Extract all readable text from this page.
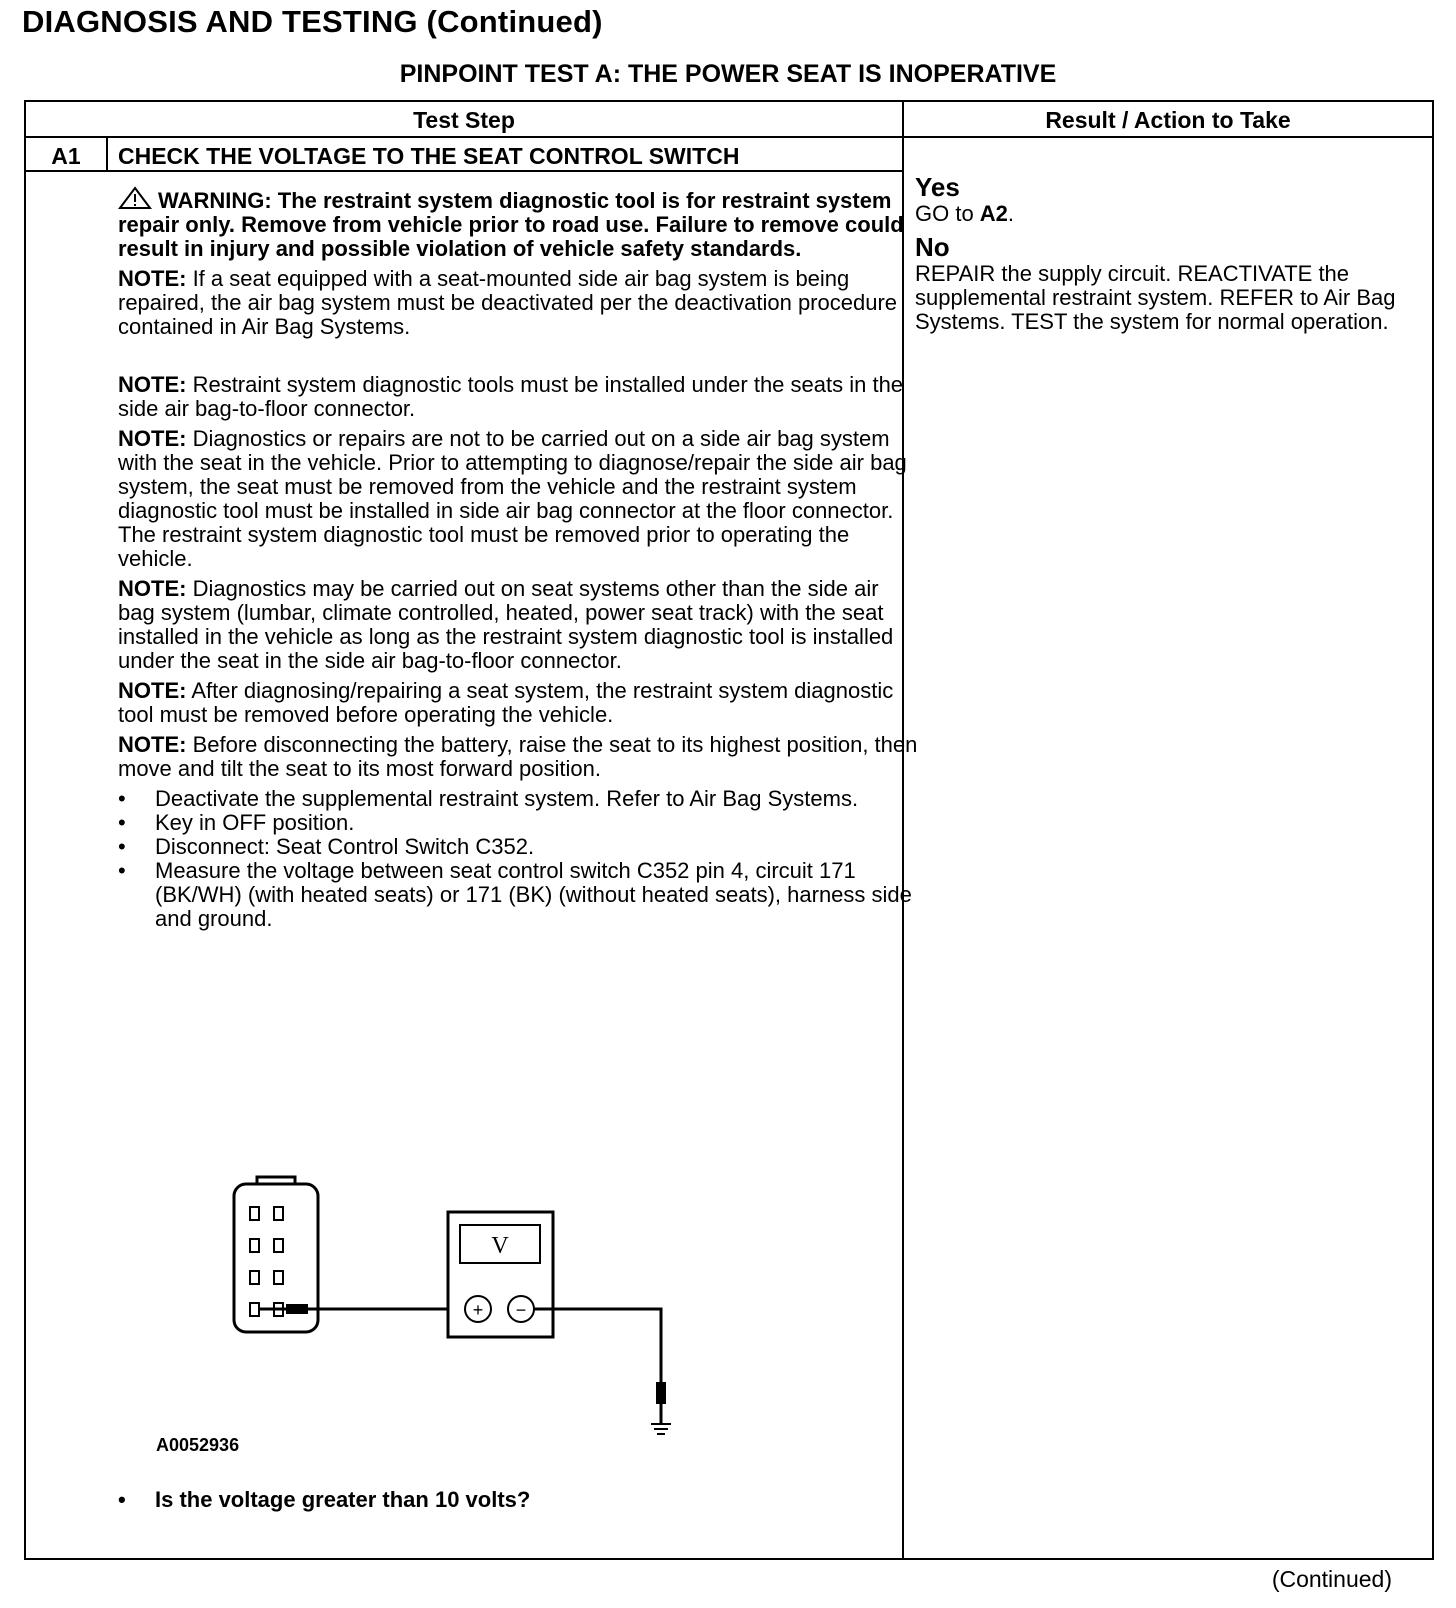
DIAGNOSIS AND TESTING (Continued)
PINPOINT TEST A: THE POWER SEAT IS INOPERATIVE
Test Step	Result / Action to Take
A1	CHECK THE VOLTAGE TO THE SEAT CONTROL SWITCH

WARNING: The restraint system diagnostic tool is for restraint system repair only. Remove from vehicle prior to road use. Failure to remove could result in injury and possible violation of vehicle safety standards.

NOTE: If a seat equipped with a seat-mounted side air bag system is being repaired, the air bag system must be deactivated per the deactivation procedure contained in Air Bag Systems.

NOTE: Restraint system diagnostic tools must be installed under the seats in the side air bag-to-floor connector.

NOTE: Diagnostics or repairs are not to be carried out on a side air bag system with the seat in the vehicle. Prior to attempting to diagnose/repair the side air bag system, the seat must be removed from the vehicle and the restraint system diagnostic tool must be installed in side air bag connector at the floor connector. The restraint system diagnostic tool must be removed prior to operating the vehicle.

NOTE: Diagnostics may be carried out on seat systems other than the side air bag system (lumbar, climate controlled, heated, power seat track) with the seat installed in the vehicle as long as the restraint system diagnostic tool is installed under the seat in the side air bag-to-floor connector.

NOTE: After diagnosing/repairing a seat system, the restraint system diagnostic tool must be removed before operating the vehicle.

NOTE: Before disconnecting the battery, raise the seat to its highest position, then move and tilt the seat to its most forward position.

• Deactivate the supplemental restraint system. Refer to Air Bag Systems.
• Key in OFF position.
• Disconnect: Seat Control Switch C352.
• Measure the voltage between seat control switch C352 pin 4, circuit 171 (BK/WH) (with heated seats) or 171 (BK) (without heated seats), harness side and ground.
V
+ −
A0052936
• Is the voltage greater than 10 volts?
Yes

GO to A2.

No

REPAIR the supply circuit. REACTIVATE the supplemental restraint system. REFER to Air Bag Systems. TEST the system for normal operation.

(Continued)
